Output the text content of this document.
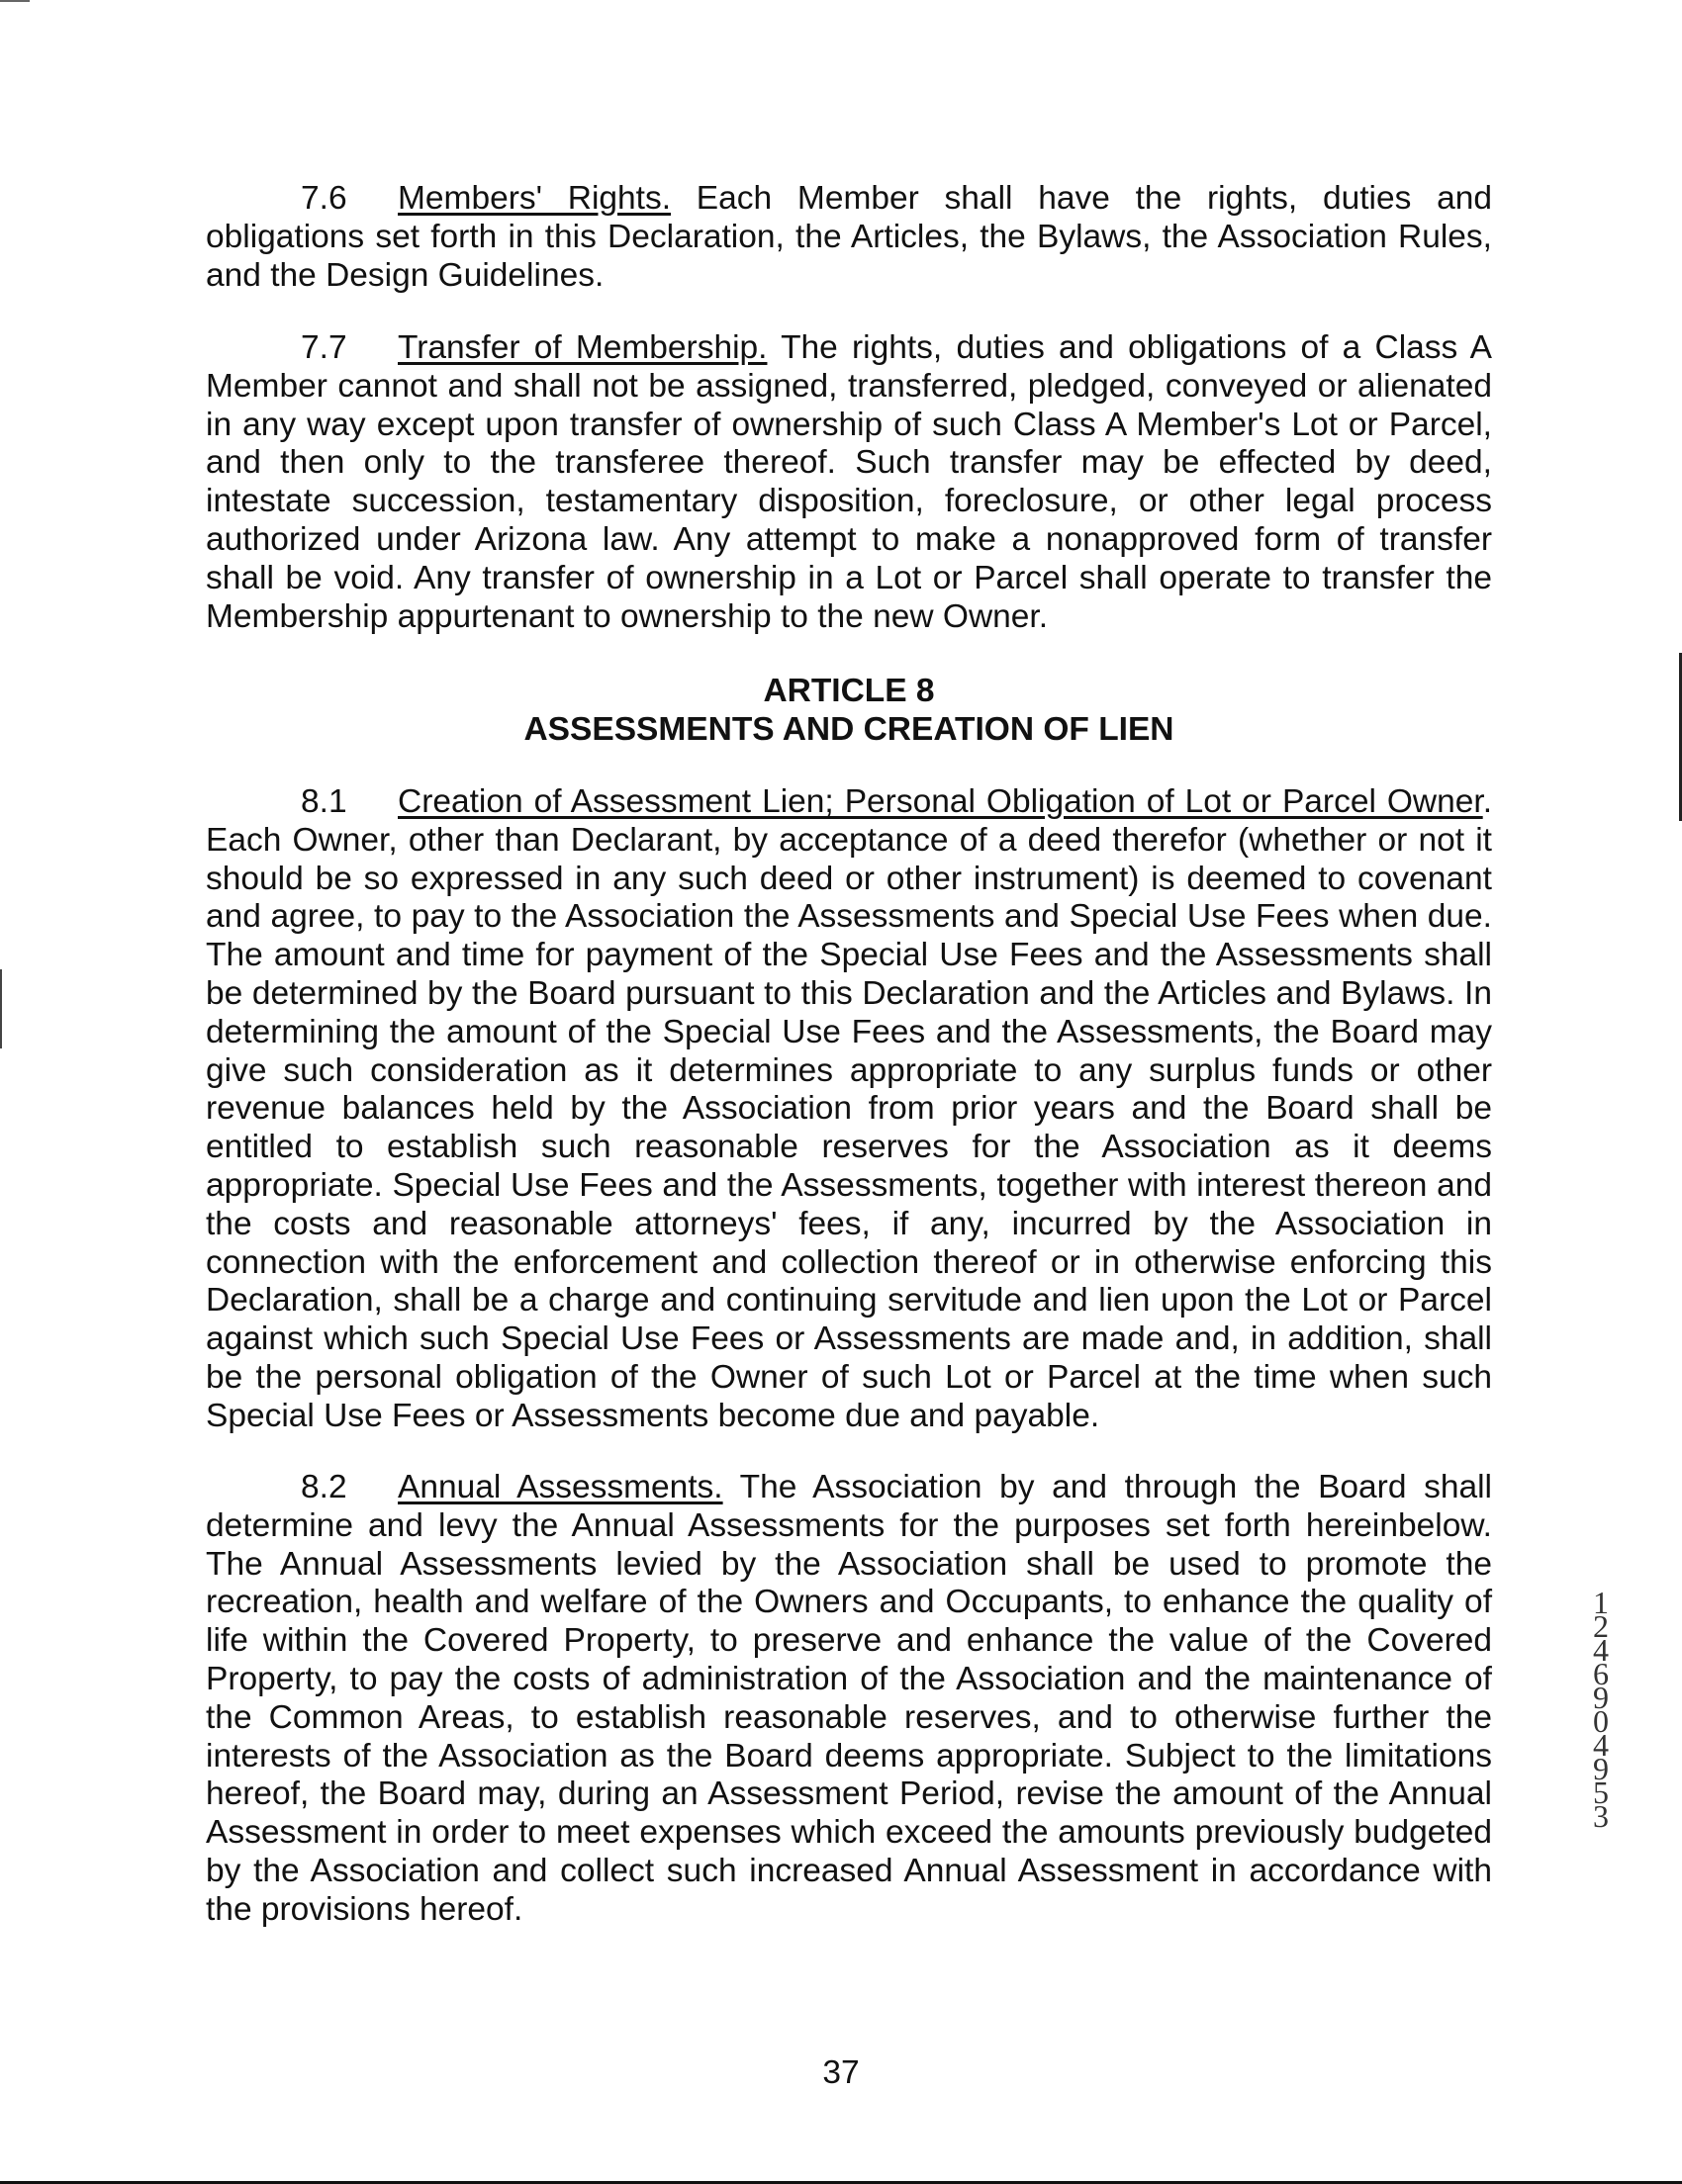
7.6 Members' Rights. Each Member shall have the rights, duties and obligations set forth in this Declaration, the Articles, the Bylaws, the Association Rules, and the Design Guidelines.

7.7 Transfer of Membership. The rights, duties and obligations of a Class A Member cannot and shall not be assigned, transferred, pledged, conveyed or alienated in any way except upon transfer of ownership of such Class A Member's Lot or Parcel, and then only to the transferee thereof. Such transfer may be effected by deed, intestate succession, testamentary disposition, foreclosure, or other legal process authorized under Arizona law. Any attempt to make a nonapproved form of transfer shall be void. Any transfer of ownership in a Lot or Parcel shall operate to transfer the Membership appurtenant to ownership to the new Owner.

ARTICLE 8
ASSESSMENTS AND CREATION OF LIEN

8.1 Creation of Assessment Lien; Personal Obligation of Lot or Parcel Owner. Each Owner, other than Declarant, by acceptance of a deed therefor (whether or not it should be so expressed in any such deed or other instrument) is deemed to covenant and agree, to pay to the Association the Assessments and Special Use Fees when due. The amount and time for payment of the Special Use Fees and the Assessments shall be determined by the Board pursuant to this Declaration and the Articles and Bylaws. In determining the amount of the Special Use Fees and the Assessments, the Board may give such consideration as it determines appropriate to any surplus funds or other revenue balances held by the Association from prior years and the Board shall be entitled to establish such reasonable reserves for the Association as it deems appropriate. Special Use Fees and the Assessments, together with interest thereon and the costs and reasonable attorneys' fees, if any, incurred by the Association in connection with the enforcement and collection thereof or in otherwise enforcing this Declaration, shall be a charge and continuing servitude and lien upon the Lot or Parcel against which such Special Use Fees or Assessments are made and, in addition, shall be the personal obligation of the Owner of such Lot or Parcel at the time when such Special Use Fees or Assessments become due and payable.

8.2 Annual Assessments. The Association by and through the Board shall determine and levy the Annual Assessments for the purposes set forth hereinbelow. The Annual Assessments levied by the Association shall be used to promote the recreation, health and welfare of the Owners and Occupants, to enhance the quality of life within the Covered Property, to preserve and enhance the value of the Covered Property, to pay the costs of administration of the Association and the maintenance of the Common Areas, to establish reasonable reserves, and to otherwise further the interests of the Association as the Board deems appropriate. Subject to the limitations hereof, the Board may, during an Assessment Period, revise the amount of the Annual Assessment in order to meet expenses which exceed the amounts previously budgeted by the Association and collect such increased Annual Assessment in accordance with the provisions hereof.

12469 04953
37
